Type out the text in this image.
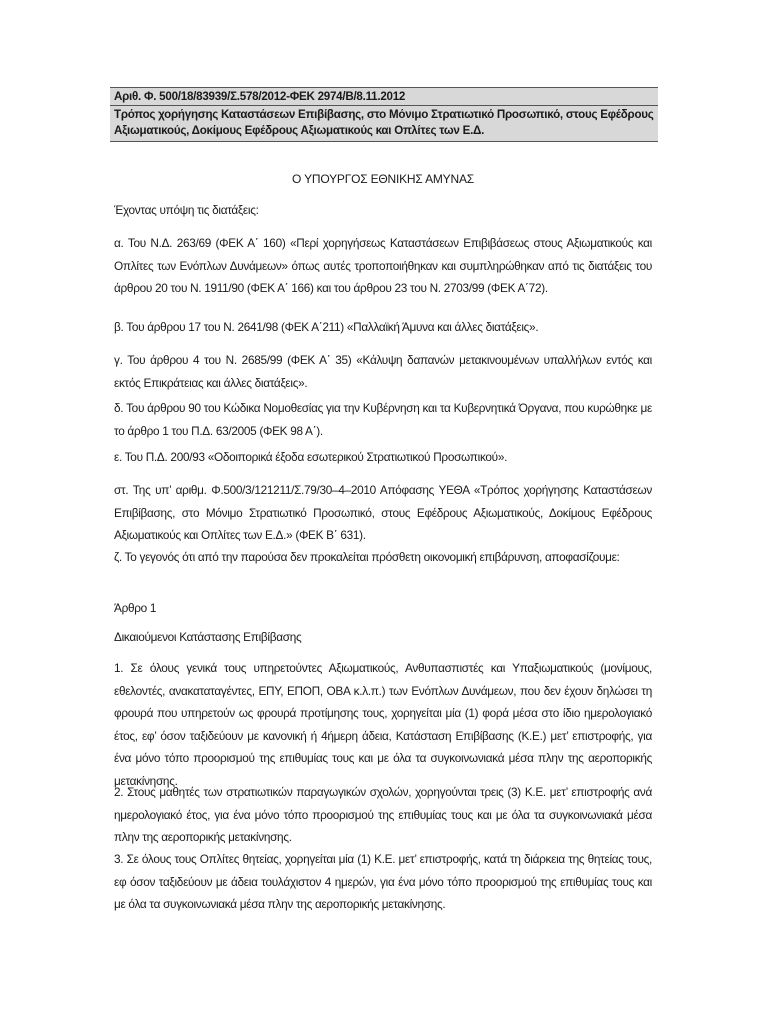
Αριθ. Φ. 500/18/83939/Σ.578/2012-ΦΕΚ 2974/Β/8.11.2012
Τρόπος χορήγησης Καταστάσεων Επιβίβασης, στο Μόνιμο Στρατιωτικό Προσωπικό, στους Εφέδρους Αξιωματικούς, Δοκίμους Εφέδρους Αξιωματικούς και Οπλίτες των Ε.Δ.
Ο ΥΠΟΥΡΓΟΣ ΕΘΝΙΚΗΣ ΑΜΥΝΑΣ

Έχοντας υπόψη τις διατάξεις:

α. Του Ν.Δ. 263/69 (ΦΕΚ Α΄ 160) «Περί χορηγήσεως Καταστάσεων Επιβιβάσεως στους Αξιωματικούς και Οπλίτες των Ενόπλων Δυνάμεων» όπως αυτές τροποποιήθηκαν και συμπληρώθηκαν από τις διατάξεις του άρθρου 20 του Ν. 1911/90 (ΦΕΚ Α΄ 166) και του άρθρου 23 του Ν. 2703/99 (ΦΕΚ Α΄72).

β. Του άρθρου 17 του Ν. 2641/98 (ΦΕΚ Α΄211) «Παλλαϊκή Άμυνα και άλλες διατάξεις».

γ. Του άρθρου 4 του Ν. 2685/99 (ΦΕΚ Α΄ 35) «Κάλυψη δαπανών μετακινουμένων υπαλλήλων εντός και εκτός Επικράτειας και άλλες διατάξεις».

δ. Του άρθρου 90 του Κώδικα Νομοθεσίας για την Κυβέρνηση και τα Κυβερνητικά Όργανα, που κυρώθηκε με το άρθρο 1 του Π.Δ. 63/2005 (ΦΕΚ 98 Α΄).

ε. Του Π.Δ. 200/93 «Οδοιπορικά έξοδα εσωτερικού Στρατιωτικού Προσωπικού».

στ. Της υπ’ αριθμ. Φ.500/3/121211/Σ.79/30–4–2010 Απόφασης ΥΕΘΑ «Τρόπος χορήγησης Καταστάσεων Επιβίβασης, στο Μόνιμο Στρατιωτικό Προσωπικό, στους Εφέδρους Αξιωματικούς, Δοκίμους Εφέδρους Αξιωματικούς και Οπλίτες των Ε.Δ.» (ΦΕΚ Β΄ 631).

ζ. Το γεγονός ότι από την παρούσα δεν προκαλείται πρόσθετη οικονομική επιβάρυνση, αποφασίζουμε:

Άρθρο 1

Δικαιούμενοι Κατάστασης Επιβίβασης

1. Σε όλους γενικά τους υπηρετούντες Αξιωματικούς, Ανθυπασπιστές και Υπαξιωματικούς (μονίμους, εθελοντές, ανακαταταγέντες, ΕΠΥ, ΕΠΟΠ, ΟΒΑ κ.λ.π.) των Ενόπλων Δυνάμεων, που δεν έχουν δηλώσει τη φρουρά που υπηρετούν ως φρουρά προτίμησης τους, χορηγείται μία (1) φορά μέσα στο ίδιο ημερολογιακό έτος, εφ’ όσον ταξιδεύουν με κανονική ή 4ήμερη άδεια, Κατάσταση Επιβίβασης (Κ.Ε.) μετ’ επιστροφής, για ένα μόνο τόπο προορισμού της επιθυμίας τους και με όλα τα συγκοινωνιακά μέσα πλην της αεροπορικής μετακίνησης.

2. Στους μαθητές των στρατιωτικών παραγωγικών σχολών, χορηγούνται τρεις (3) Κ.Ε. μετ’ επιστροφής ανά ημερολογιακό έτος, για ένα μόνο τόπο προορισμού της επιθυμίας τους και με όλα τα συγκοινωνιακά μέσα πλην της αεροπορικής μετακίνησης.

3. Σε όλους τους Οπλίτες θητείας, χορηγείται μία (1) Κ.Ε. μετ’ επιστροφής, κατά τη διάρκεια της θητείας τους, εφ όσον ταξιδεύουν με άδεια τουλάχιστον 4 ημερών, για ένα μόνο τόπο προορισμού της επιθυμίας τους και με όλα τα συγκοινωνιακά μέσα πλην της αεροπορικής μετακίνησης.
